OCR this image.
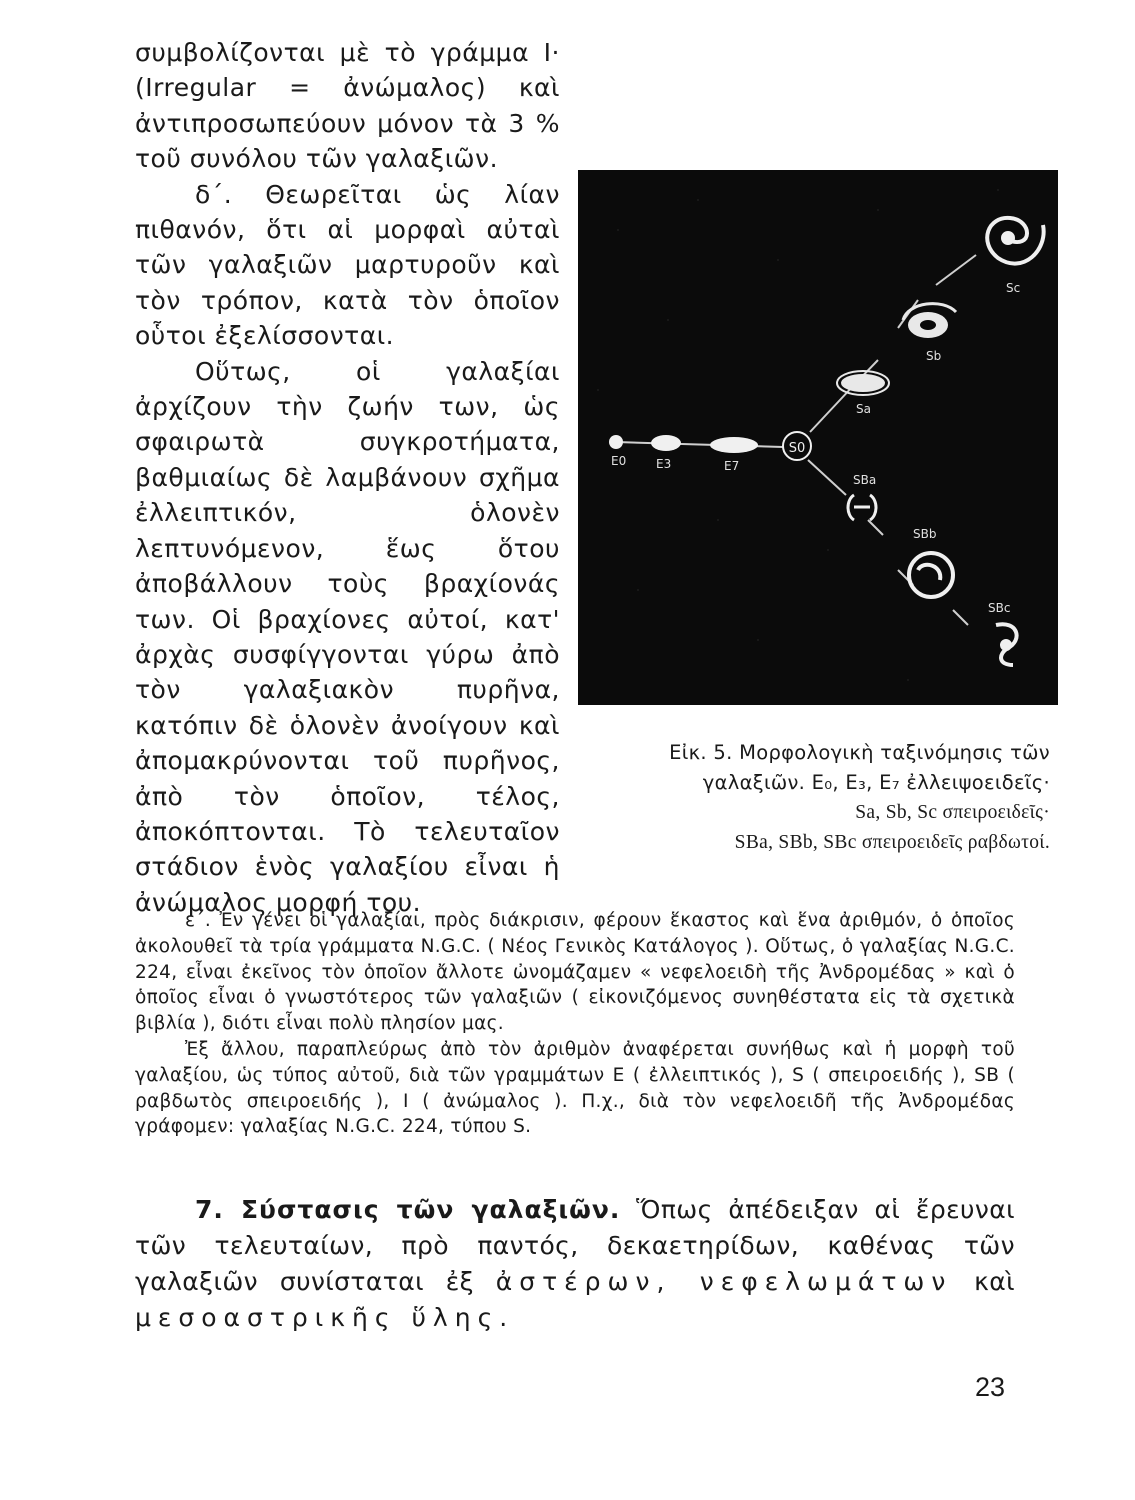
συμβολίζονται μὲ τὸ γράμμα I· (Irregular = ἀνώμαλος) καὶ ἀντιπροσωπεύουν μόνον τὰ 3 % τοῦ συνόλου τῶν γαλαξιῶν.

δ΄. Θεωρεῖται ὡς λίαν πιθανόν, ὅτι αἱ μορφαὶ αὐταὶ τῶν γαλαξιῶν μαρτυροῦν καὶ τὸν τρόπον, κατὰ τὸν ὁποῖον οὗτοι ἐξελίσσονται.

Οὕτως, οἱ γαλαξίαι ἀρχίζουν τὴν ζωήν των, ὡς σφαιρωτὰ συγκροτήματα, βαθμιαίως δὲ λαμβάνουν σχῆμα ἐλλειπτικόν, ὁλονὲν λεπτυνόμενον, ἕως ὅτου ἀποβάλλουν τοὺς βραχίονάς των. Οἱ βραχίονες αὐτοί, κατ' ἀρχὰς συσφίγγονται γύρω ἀπὸ τὸν γαλαξιακὸν πυρῆνα, κατόπιν δὲ ὁλονὲν ἀνοίγουν καὶ ἀπομακρύνονται τοῦ πυρῆνος, ἀπὸ τὸν ὁποῖον, τέλος, ἀποκόπτονται. Τὸ τελευταῖον στάδιον ἑνὸς γαλαξίου εἶναι ἡ ἀνώμαλος μορφή του.

S0
E0 E3	E7
Sa
Sb
Sc
SBa
SBb
SBc
Εἰκ. 5. Μορφολογικὴ ταξινόμησις τῶν
γαλαξιῶν. E₀, E₃, E₇ ἐλλειψοειδεῖς·
Sa, Sb, Sc σπειροειδεῖς·
SBa, SBb, SBc σπειροειδεῖς ραβδωτοί.

ε΄. Ἐν γένει οἱ γαλαξίαι, πρὸς διάκρισιν, φέρουν ἕκαστος καὶ ἕνα ἀριθμόν, ὁ ὁποῖος ἀκολουθεῖ τὰ τρία γράμματα N.G.C. ( Νέος Γενικὸς Κατάλογος ). Οὕτως, ὁ γαλαξίας N.G.C. 224, εἶναι ἐκεῖνος τὸν ὁποῖον ἄλλοτε ὠνομάζαμεν « νεφελοειδὴ τῆς Ἀνδρομέδας » καὶ ὁ ὁποῖος εἶναι ὁ γνωστότερος τῶν γαλαξιῶν ( εἰκονιζόμενος συνηθέστατα εἰς τὰ σχετικὰ βιβλία ), διότι εἶναι πολὺ πλησίον μας.

Ἐξ ἄλλου, παραπλεύρως ἀπὸ τὸν ἀριθμὸν ἀναφέρεται συνήθως καὶ ἡ μορφὴ τοῦ γαλαξίου, ὡς τύπος αὐτοῦ, διὰ τῶν γραμμάτων E ( ἐλλειπτικός ), S ( σπειροειδής ), SB ( ραβδωτὸς σπειροειδής ), I ( ἀνώμαλος ). Π.χ., διὰ τὸν νεφελοειδῆ τῆς Ἀνδρομέδας γράφομεν: γαλαξίας N.G.C. 224, τύπου S.

7. Σύστασις τῶν γαλαξιῶν. Ὅπως ἀπέδειξαν αἱ ἔρευναι τῶν τελευταίων, πρὸ παντός, δεκαετηρίδων, καθένας τῶν γαλαξιῶν συνίσταται ἐξ ἀστέρων, νεφελωμάτων καὶ μεσοαστρικῆς ὕλης.

23
